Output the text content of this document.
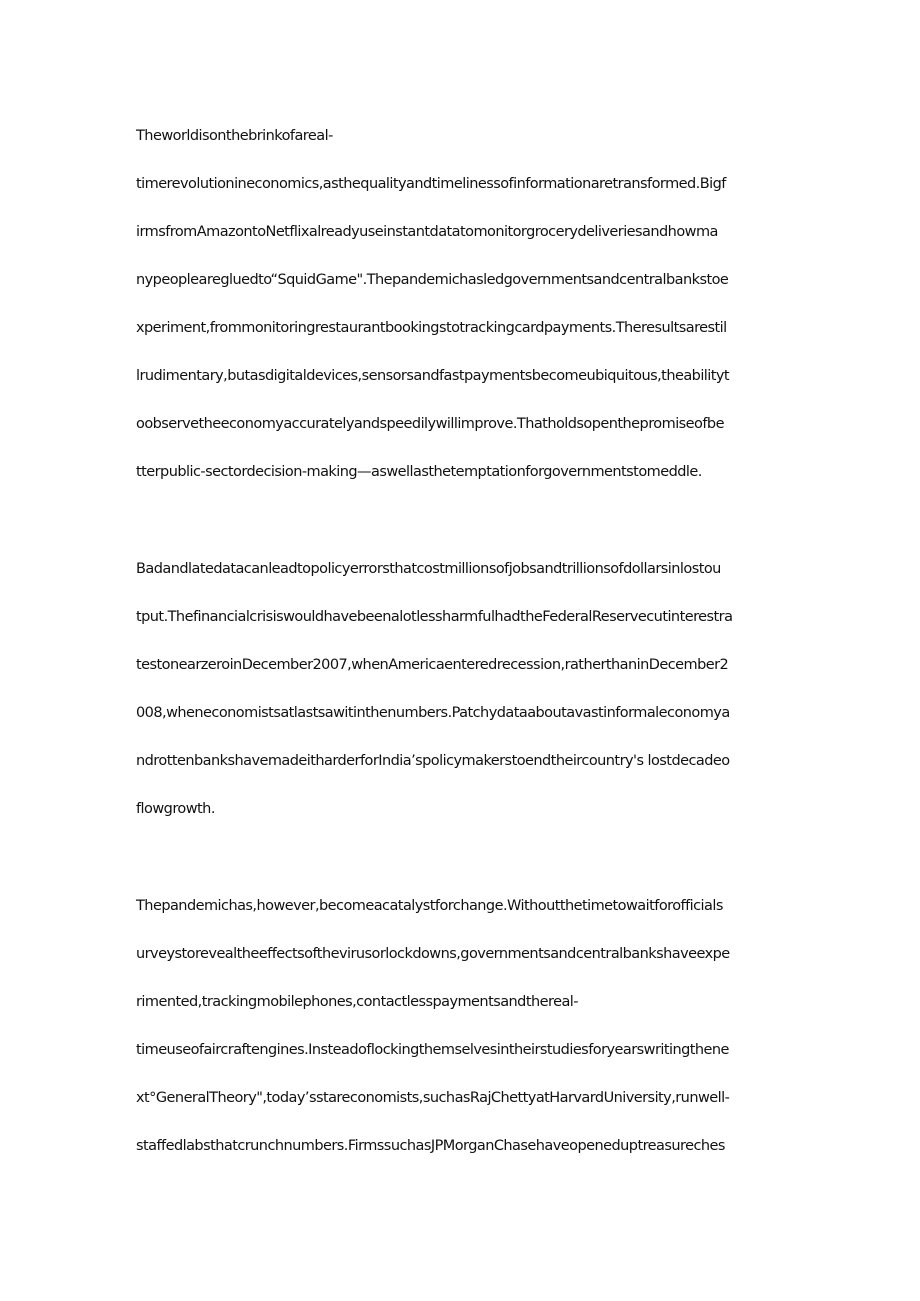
Theworldisonthebrinkofareal-
timerevolutionineconomics,asthequalityandtimelinessofinformationaretransformed.Bigf
irmsfromAmazontoNetflixalreadyuseinstantdatatomonitorgrocerydeliveriesandhowma
nypeoplearegluedto“SquidGame".Thepandemichasledgovernmentsandcentralbankstoe
xperiment,frommonitoringrestaurantbookingstotrackingcardpayments.Theresultsarestil
lrudimentary,butasdigitaldevices,sensorsandfastpaymentsbecomeubiquitous,theabilityt
oobservetheeconomyaccuratelyandspeedilywillimprove.Thatholdsopenthepromiseofbe
tterpublic-sectordecision-making—aswellasthetemptationforgovernmentstomeddle.
Badandlatedatacanleadtopolicyerrorsthatcostmillionsofjobsandtrillionsofdollarsinlostou
tput.ThefinancialcrisiswouldhavebeenalotlessharmfulhadtheFederalReservecutinterestra
testonearzeroinDecember2007,whenAmericaenteredrecession,ratherthaninDecember2
008,wheneconomistsatlastsawitinthenumbers.Patchydataaboutavastinformaleconomya
ndrottenbankshavemadeitharderforIndia’spolicymakerstoendtheircountry's lostdecadeo
flowgrowth.
Thepandemichas,however,becomeacatalystforchange.Withoutthetimetowaitforofficials
urveystorevealtheeffectsofthevirusorlockdowns,governmentsandcentralbankshaveexpe
rimented,trackingmobilephones,contactlesspaymentsandthereal-
timeuseofaircraftengines.Insteadoflockingthemselvesintheirstudiesforyearswritingthene
xt°GeneralTheory",today’sstareconomists,suchasRajChettyatHarvardUniversity,runwell-
staffedlabsthatcrunchnumbers.FirmssuchasJPMorganChasehaveopeneduptreasureches
